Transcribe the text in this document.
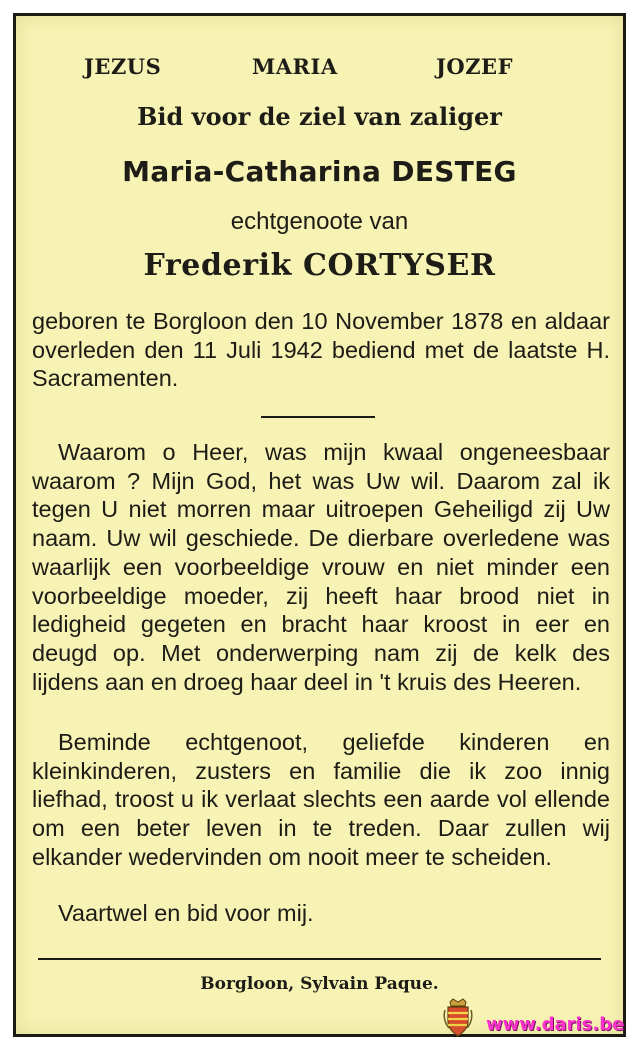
JEZUS	MARIA	JOZEF
Bid voor de ziel van zaliger
Maria-Catharina DESTEG
echtgenoote van
Frederik CORTYSER

geboren te Borgloon den 10 November 1878 en aldaar overleden den 11 Juli 1942 bediend met de laatste H. Sacramenten.

Waarom o Heer, was mijn kwaal ongeneesbaar waarom ? Mijn God, het was Uw wil. Daarom zal ik tegen U niet morren maar uitroepen Geheiligd zij Uw naam. Uw wil geschiede. De dierbare overledene was waarlijk een voorbeeldige vrouw en niet minder een voorbeeldige moeder, zij heeft haar brood niet in ledigheid gegeten en bracht haar kroost in eer en deugd op. Met onderwerping nam zij de kelk des lijdens aan en droeg haar deel in 't kruis des Heeren.

Beminde echtgenoot, geliefde kinderen en kleinkinderen, zusters en familie die ik zoo innig liefhad, troost u ik verlaat slechts een aarde vol ellende om een beter leven in te treden. Daar zullen wij elkander wedervinden om nooit meer te scheiden.

Vaartwel en bid voor mij.

Borgloon, Sylvain Paque.
www.daris.be
